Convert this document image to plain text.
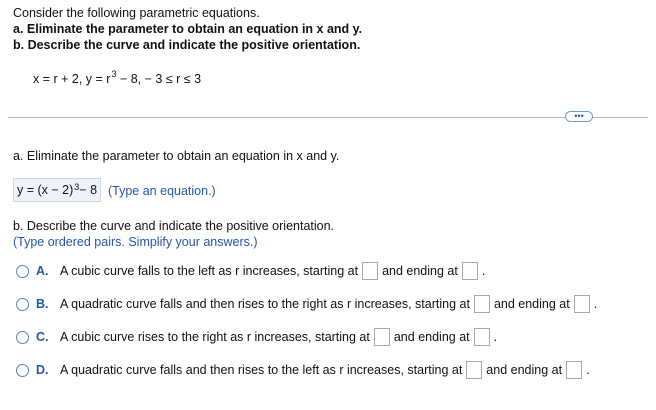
Consider the following parametric equations.
a. Eliminate the parameter to obtain an equation in x and y.
b. Describe the curve and indicate the positive orientation.
x = r + 2, $y = r^3 - 8$, − 3 ≤ r ≤ 3
•••
a. Eliminate the parameter to obtain an equation in x and y.
$y = (x - 2)^3 - 8$ (Type an equation.)
b. Describe the curve and indicate the positive orientation.
(Type ordered pairs. Simplify your answers.)
A. A cubic curve falls to the left as r increases, starting at and ending at .
B. A quadratic curve falls and then rises to the right as r increases, starting at and ending at .
C. A cubic curve rises to the right as r increases, starting at and ending at .
D. A quadratic curve falls and then rises to the left as r increases, starting at and ending at .
